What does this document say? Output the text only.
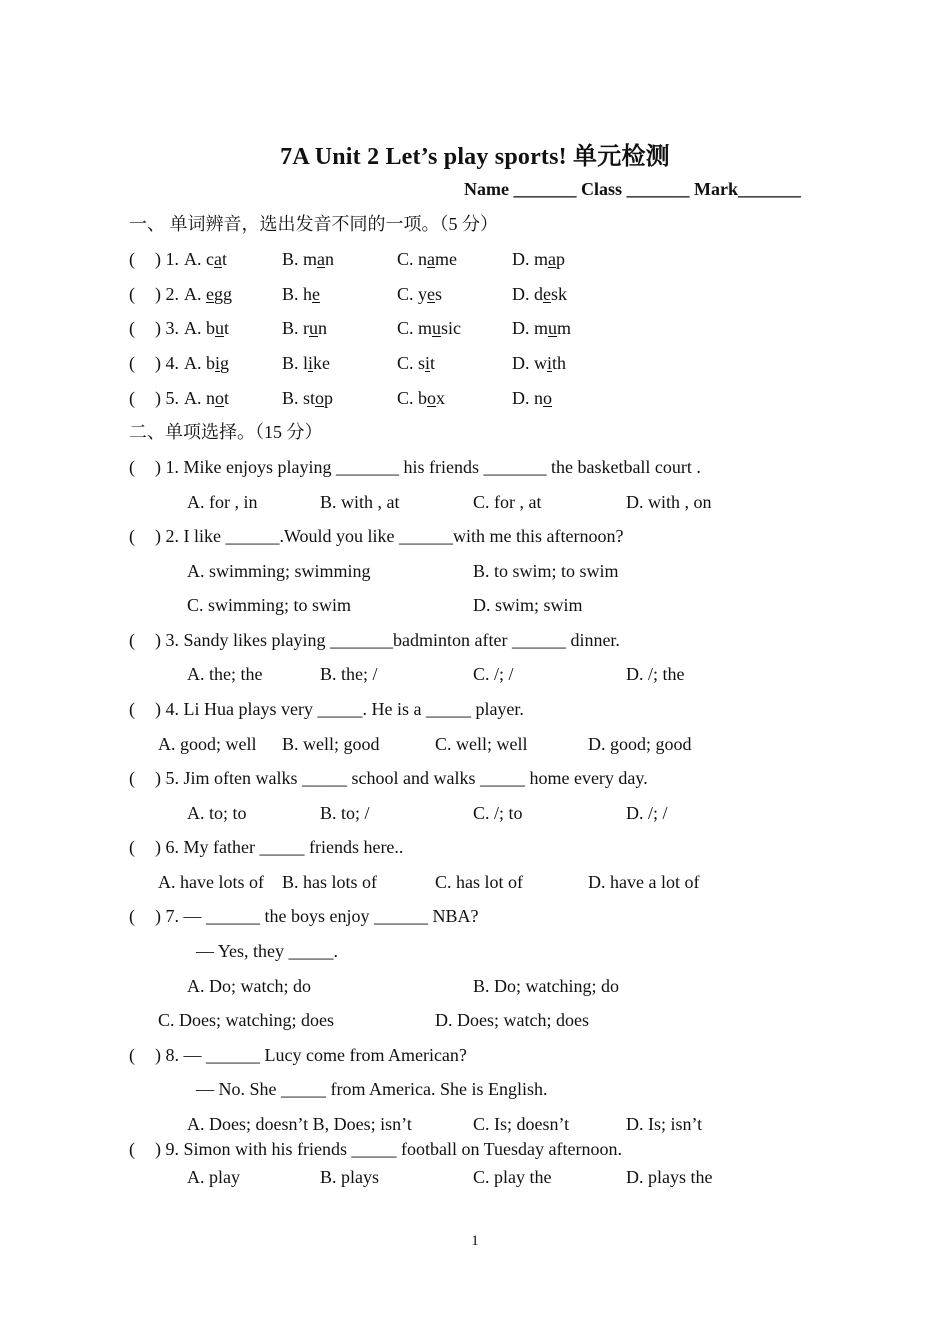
7A Unit 2 Let’s play sports! 单元检测
Name _______ Class _______ Mark_______
一、 单词辨音，选出发音不同的一项。（5 分）
( ) 1. A. cat	B. man	C. name	D. map
( ) 2. A. egg	B. he	C. yes	D. desk
( ) 3. A. but	B. run	C. music	D. mum
( ) 4. A. big	B. like	C. sit	D. with
( ) 5. A. not	B. stop	C. box	D. no
二、单项选择。（15 分）
( ) 1. Mike enjoys playing _______ his friends _______ the basketball court .
A. for , in	B. with , at	C. for , at	D. with , on
( ) 2. I like ______.Would you like ______with me this afternoon?
A. swimming; swimming	B. to swim; to swim
C. swimming; to swim	D. swim; swim
( ) 3. Sandy likes playing _______badminton after ______ dinner.
A. the; the	B. the; /	C. /; /	D. /; the
( ) 4. Li Hua plays very _____. He is a _____ player.
A. good; well B. well; good	C. well; well	D. good; good
( ) 5. Jim often walks _____ school and walks _____ home every day.
A. to; to	B. to; /	C. /; to	D. /; /
( ) 6. My father _____ friends here..
A. have lots of B. has lots of	C. has lot of	D. have a lot of
( ) 7. — ______ the boys enjoy ______ NBA?
— Yes, they _____.
A. Do; watch; do	B. Do; watching; do
C. Does; watching; does	D. Does; watch; does
( ) 8. — ______ Lucy come from American?
— No. She _____ from America. She is English.
A. Does; doesn’t B, Does; isn’t	C. Is; doesn’t	D. Is; isn’t
( ) 9. Simon with his friends _____ football on Tuesday afternoon.
A. play	B. plays	C. play the	D. plays the
1
